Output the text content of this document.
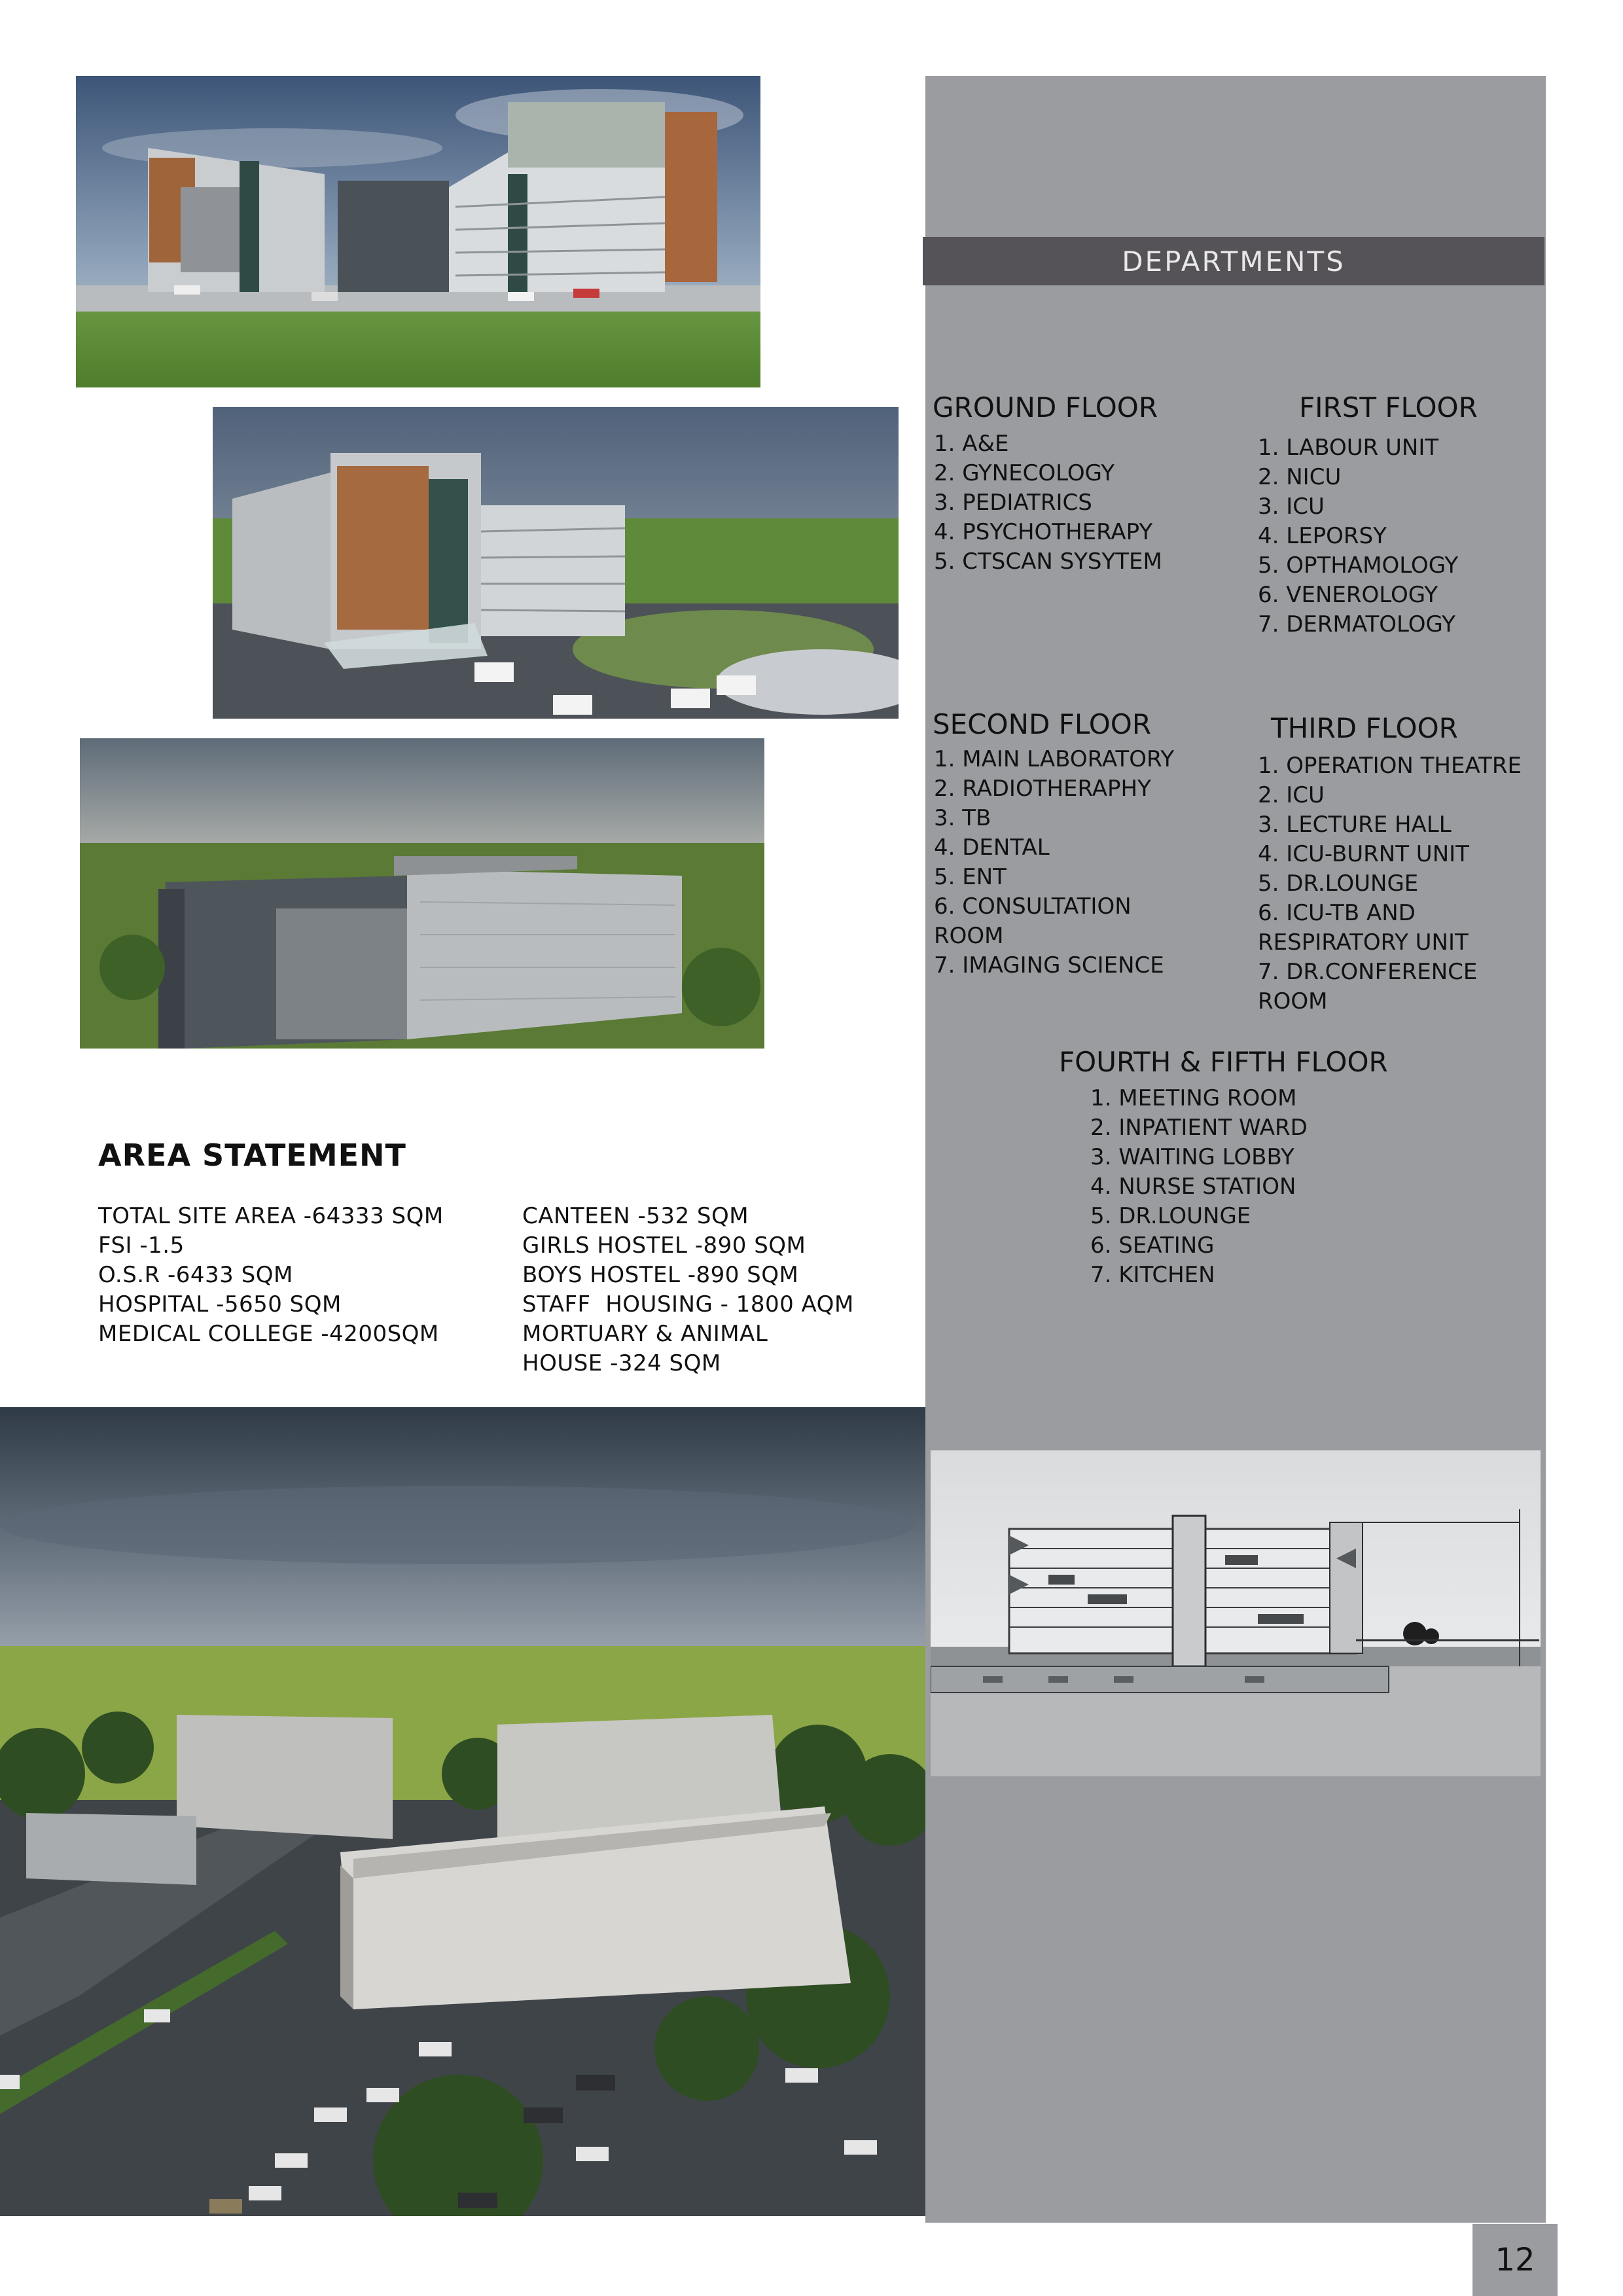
AREA STATEMENT
TOTAL SITE AREA -64333 SQM
FSI -1.5
O.S.R -6433 SQM
HOSPITAL -5650 SQM
MEDICAL COLLEGE -4200SQM
CANTEEN -532 SQM
GIRLS HOSTEL -890 SQM
BOYS HOSTEL -890 SQM
STAFF  HOUSING - 1800 AQM
MORTUARY & ANIMAL HOUSE -324 SQM
DEPARTMENTS
GROUND FLOOR
1. A&E
2. GYNECOLOGY
3. PEDIATRICS
4. PSYCHOTHERAPY
5. CTSCAN SYSYTEM
FIRST FLOOR
1. LABOUR UNIT
2. NICU
3. ICU
4. LEPORSY
5. OPTHAMOLOGY
6. VENEROLOGY
7. DERMATOLOGY
SECOND FLOOR
1. MAIN LABORATORY
2. RADIOTHERAPHY
3. TB
4. DENTAL
5. ENT
6. CONSULTATION ROOM
7. IMAGING SCIENCE
THIRD FLOOR
1. OPERATION THEATRE
2. ICU
3. LECTURE HALL
4. ICU-BURNT UNIT
5. DR.LOUNGE
6. ICU-TB AND RESPIRATORY UNIT
7. DR.CONFERENCE ROOM
FOURTH & FIFTH FLOOR
1. MEETING ROOM
2. INPATIENT WARD
3. WAITING LOBBY
4. NURSE STATION
5. DR.LOUNGE
6. SEATING
7. KITCHEN
12
